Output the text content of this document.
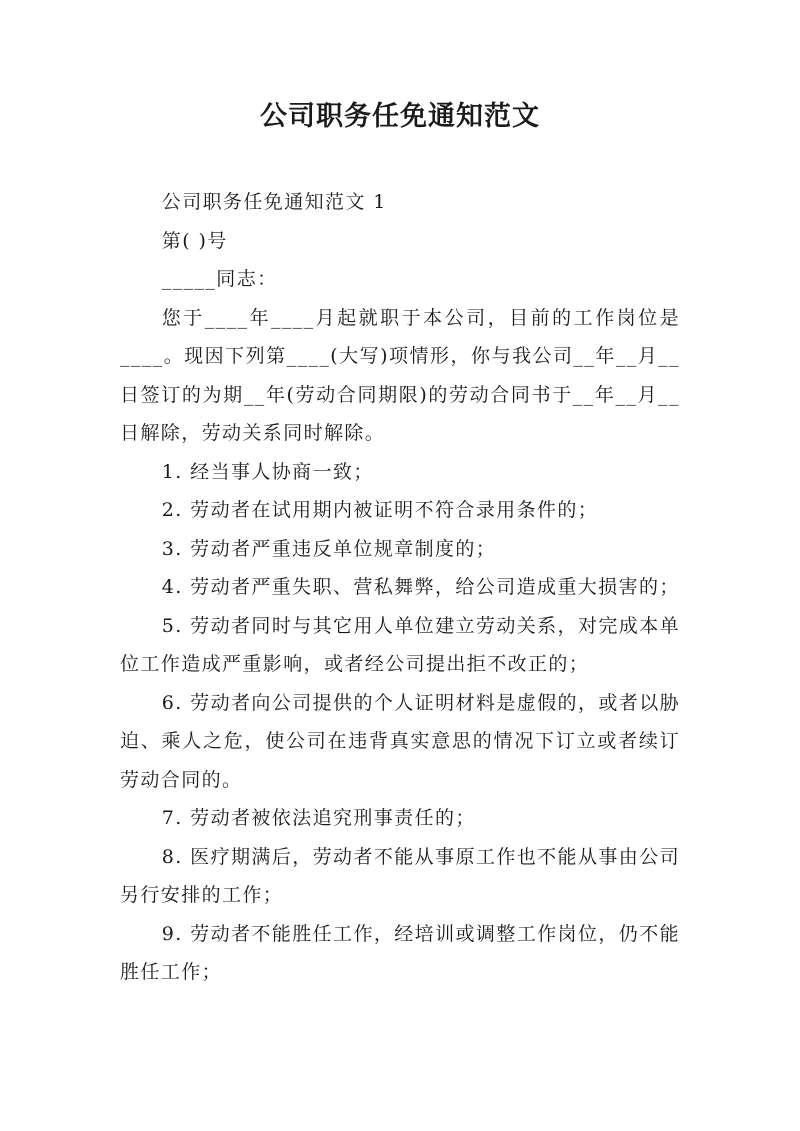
公司职务任免通知范文

公司职务任免通知范文 1

第( )号

_____同志：

您于____年____月起就职于本公司，目前的工作岗位是____。现因下列第____(大写)项情形，你与我公司__年__月__日签订的为期__年(劳动合同期限)的劳动合同书于__年__月__日解除，劳动关系同时解除。

1. 经当事人协商一致；

2. 劳动者在试用期内被证明不符合录用条件的；

3. 劳动者严重违反单位规章制度的；

4. 劳动者严重失职、营私舞弊，给公司造成重大损害的；

5. 劳动者同时与其它用人单位建立劳动关系，对完成本单位工作造成严重影响，或者经公司提出拒不改正的；

6. 劳动者向公司提供的个人证明材料是虚假的，或者以胁迫、乘人之危，使公司在违背真实意思的情况下订立或者续订劳动合同的。

7. 劳动者被依法追究刑事责任的；

8. 医疗期满后，劳动者不能从事原工作也不能从事由公司另行安排的工作；

9. 劳动者不能胜任工作，经培训或调整工作岗位，仍不能胜任工作；
